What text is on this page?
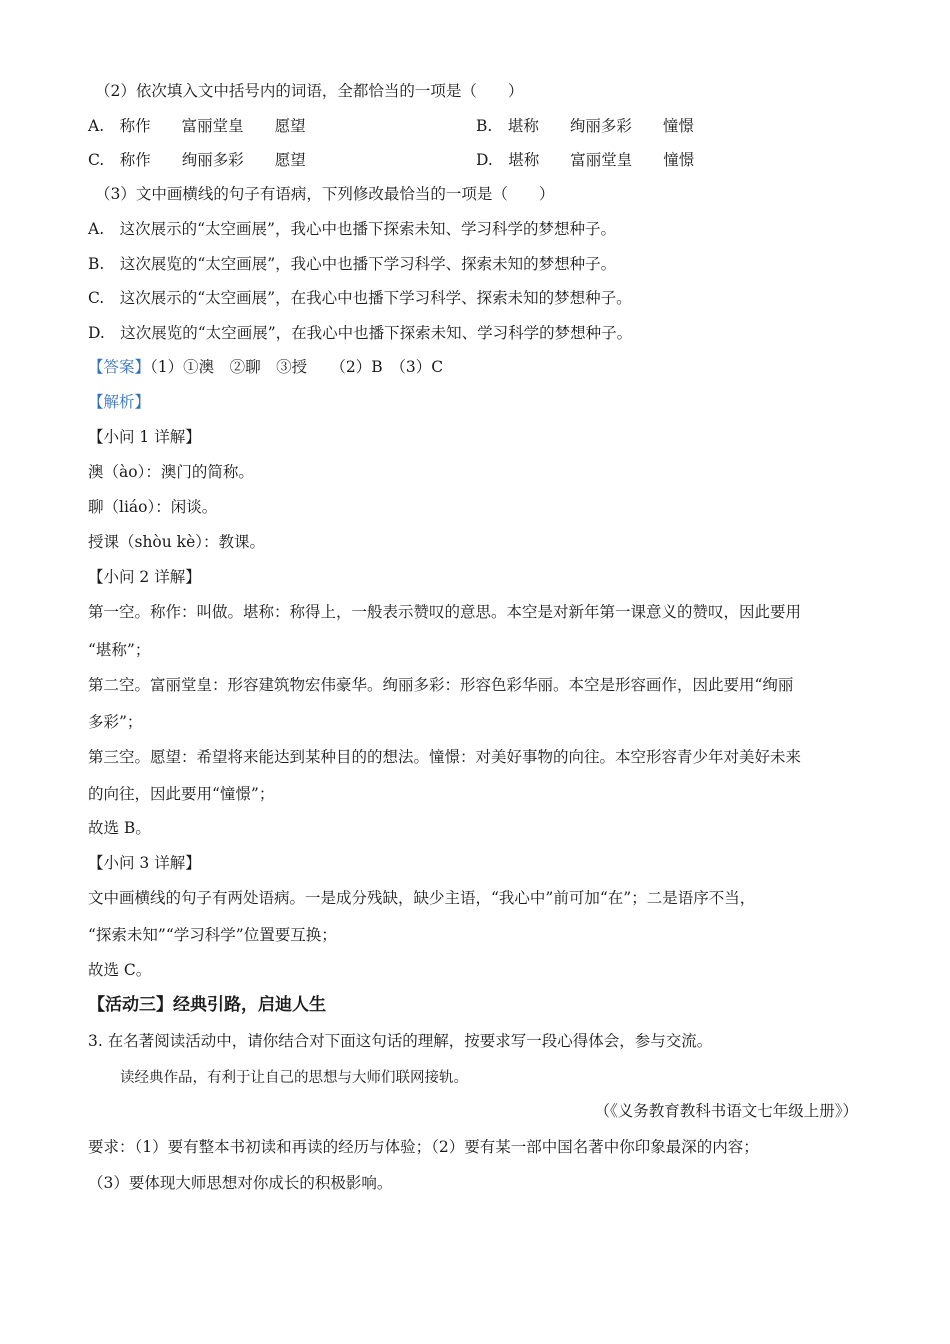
（2）依次填入文中括号内的词语，全都恰当的一项是（　　）
A.　称作　　富丽堂皇　　愿望	B.　堪称　　绚丽多彩　　憧憬
C.　称作　　绚丽多彩　　愿望	D.　堪称　　富丽堂皇　　憧憬
（3）文中画横线的句子有语病，下列修改最恰当的一项是（　　）
A.　这次展示的“太空画展”，我心中也播下探索未知、学习科学的梦想种子。
B.　这次展览的“太空画展”，我心中也播下学习科学、探索未知的梦想种子。
C.　这次展示的“太空画展”，在我心中也播下学习科学、探索未知的梦想种子。
D.　这次展览的“太空画展”，在我心中也播下探索未知、学习科学的梦想种子。
【答案】（1）①澳　②聊　③授　　（2）B　（3）C
【解析】
【小问 1 详解】
澳（ào）：澳门的简称。
聊（liáo）：闲谈。
授课（shòu kè）：教课。
【小问 2 详解】
第一空。称作：叫做。堪称：称得上，一般表示赞叹的意思。本空是对新年第一课意义的赞叹，因此要用
“堪称”；
第二空。富丽堂皇：形容建筑物宏伟豪华。绚丽多彩：形容色彩华丽。本空是形容画作，因此要用“绚丽
多彩”；
第三空。愿望：希望将来能达到某种目的的想法。憧憬：对美好事物的向往。本空形容青少年对美好未来
的向往，因此要用“憧憬”；
故选 B。
【小问 3 详解】
文中画横线的句子有两处语病。一是成分残缺，缺少主语，“我心中”前可加“在”；二是语序不当，
“探索未知”“学习科学”位置要互换；
故选 C。
【活动三】经典引路，启迪人生
3. 在名著阅读活动中，请你结合对下面这句话的理解，按要求写一段心得体会，参与交流。
读经典作品，有利于让自己的思想与大师们联网接轨。
（《义务教育教科书语文七年级上册》）
要求：（1）要有整本书初读和再读的经历与体验；（2）要有某一部中国名著中你印象最深的内容；
（3）要体现大师思想对你成长的积极影响。
